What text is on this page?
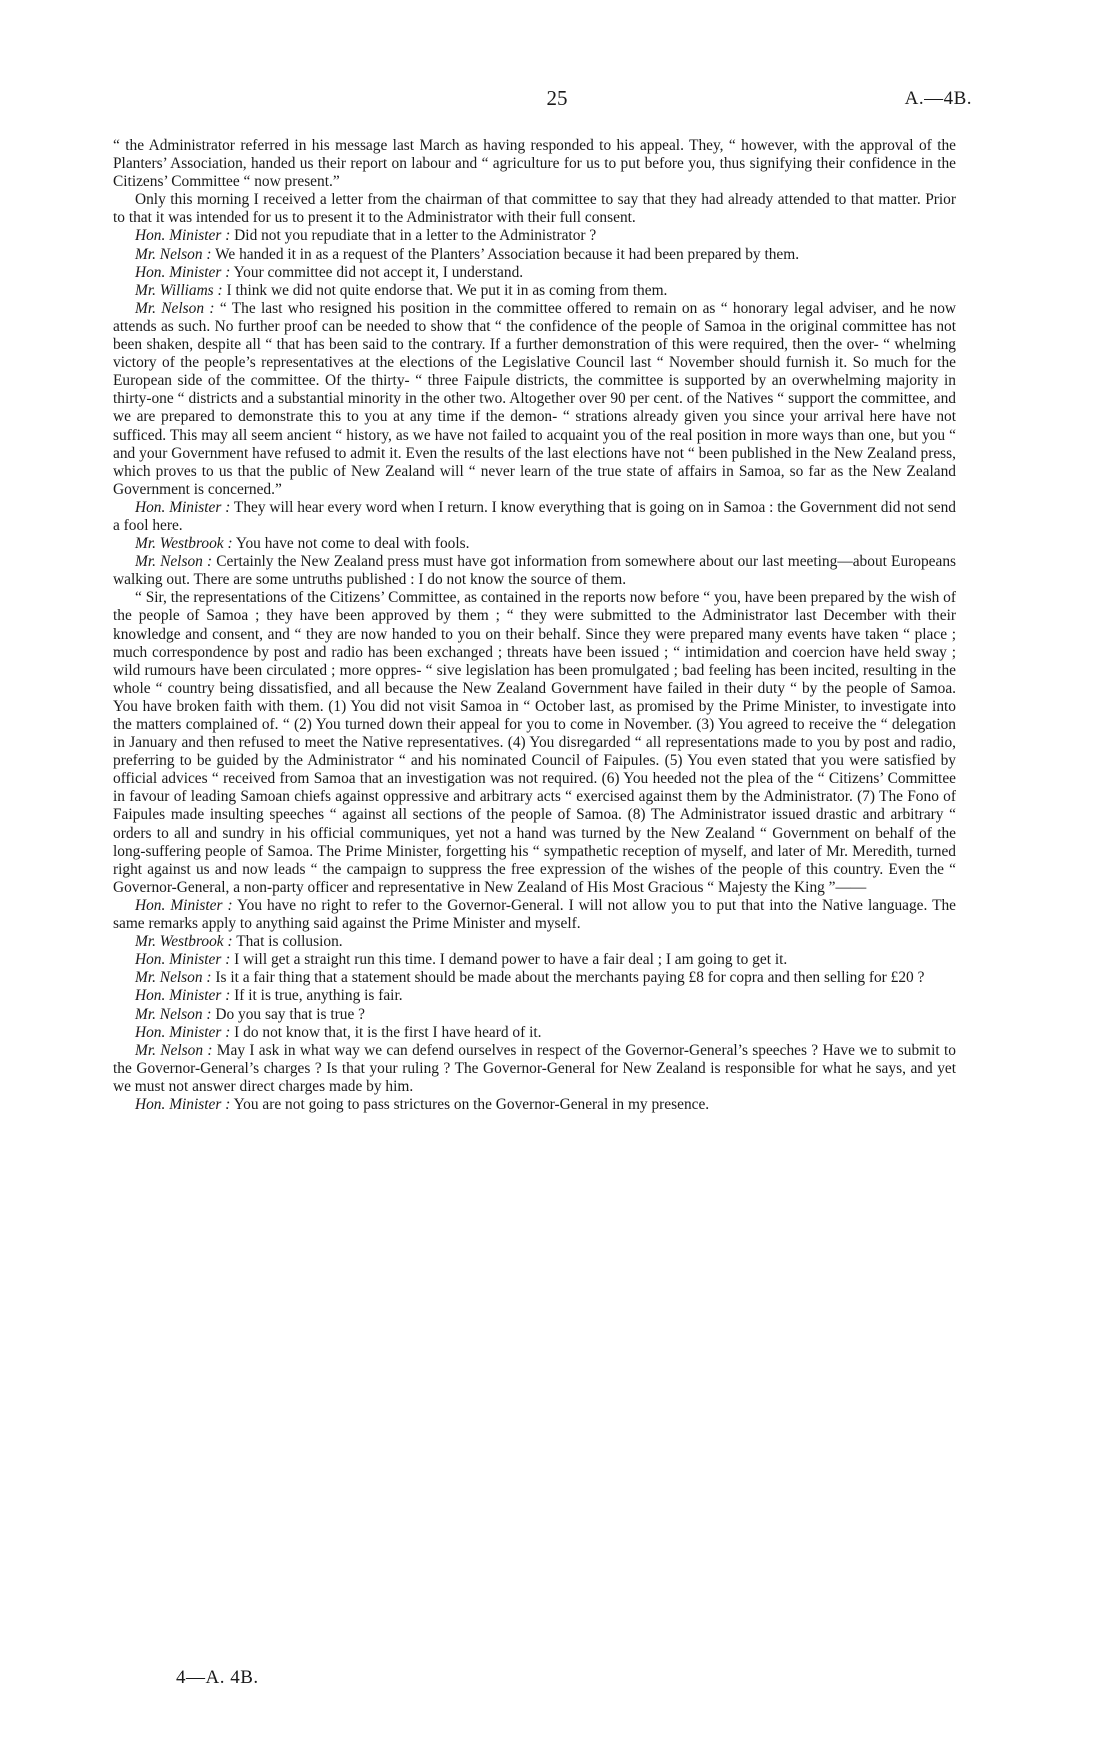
25	A.—4B.

“ the Administrator referred in his message last March as having responded to his appeal. They, “ however, with the approval of the Planters’ Association, handed us their report on labour and “ agriculture for us to put before you, thus signifying their confidence in the Citizens’ Committee “ now present.”

Only this morning I received a letter from the chairman of that committee to say that they had already attended to that matter. Prior to that it was intended for us to present it to the Administrator with their full consent.

Hon. Minister : Did not you repudiate that in a letter to the Administrator ?

Mr. Nelson : We handed it in as a request of the Planters’ Association because it had been prepared by them.

Hon. Minister : Your committee did not accept it, I understand.

Mr. Williams : I think we did not quite endorse that. We put it in as coming from them.

Mr. Nelson : “ The last who resigned his position in the committee offered to remain on as “ honorary legal adviser, and he now attends as such. No further proof can be needed to show that “ the confidence of the people of Samoa in the original committee has not been shaken, despite all “ that has been said to the contrary. If a further demonstration of this were required, then the over- “ whelming victory of the people’s representatives at the elections of the Legislative Council last “ November should furnish it. So much for the European side of the committee. Of the thirty- “ three Faipule districts, the committee is supported by an overwhelming majority in thirty-one “ districts and a substantial minority in the other two. Altogether over 90 per cent. of the Natives “ support the committee, and we are prepared to demonstrate this to you at any time if the demon- “ strations already given you since your arrival here have not sufficed. This may all seem ancient “ history, as we have not failed to acquaint you of the real position in more ways than one, but you “ and your Government have refused to admit it. Even the results of the last elections have not “ been published in the New Zealand press, which proves to us that the public of New Zealand will “ never learn of the true state of affairs in Samoa, so far as the New Zealand Government is concerned.”

Hon. Minister : They will hear every word when I return. I know everything that is going on in Samoa : the Government did not send a fool here.

Mr. Westbrook : You have not come to deal with fools.

Mr. Nelson : Certainly the New Zealand press must have got information from somewhere about our last meeting—about Europeans walking out. There are some untruths published : I do not know the source of them.

“ Sir, the representations of the Citizens’ Committee, as contained in the reports now before “ you, have been prepared by the wish of the people of Samoa ; they have been approved by them ; “ they were submitted to the Administrator last December with their knowledge and consent, and “ they are now handed to you on their behalf. Since they were prepared many events have taken “ place ; much correspondence by post and radio has been exchanged ; threats have been issued ; “ intimidation and coercion have held sway ; wild rumours have been circulated ; more oppres- “ sive legislation has been promulgated ; bad feeling has been incited, resulting in the whole “ country being dissatisfied, and all because the New Zealand Government have failed in their duty “ by the people of Samoa. You have broken faith with them. (1) You did not visit Samoa in “ October last, as promised by the Prime Minister, to investigate into the matters complained of. “ (2) You turned down their appeal for you to come in November. (3) You agreed to receive the “ delegation in January and then refused to meet the Native representatives. (4) You disregarded “ all representations made to you by post and radio, preferring to be guided by the Administrator “ and his nominated Council of Faipules. (5) You even stated that you were satisfied by official advices “ received from Samoa that an investigation was not required. (6) You heeded not the plea of the “ Citizens’ Committee in favour of leading Samoan chiefs against oppressive and arbitrary acts “ exercised against them by the Administrator. (7) The Fono of Faipules made insulting speeches “ against all sections of the people of Samoa. (8) The Administrator issued drastic and arbitrary “ orders to all and sundry in his official communiques, yet not a hand was turned by the New Zealand “ Government on behalf of the long-suffering people of Samoa. The Prime Minister, forgetting his “ sympathetic reception of myself, and later of Mr. Meredith, turned right against us and now leads “ the campaign to suppress the free expression of the wishes of the people of this country. Even the “ Governor-General, a non-party officer and representative in New Zealand of His Most Gracious “ Majesty the King ”——

Hon. Minister : You have no right to refer to the Governor-General. I will not allow you to put that into the Native language. The same remarks apply to anything said against the Prime Minister and myself.

Mr. Westbrook : That is collusion.

Hon. Minister : I will get a straight run this time. I demand power to have a fair deal ; I am going to get it.

Mr. Nelson : Is it a fair thing that a statement should be made about the merchants paying £8 for copra and then selling for £20 ?

Hon. Minister : If it is true, anything is fair.

Mr. Nelson : Do you say that is true ?

Hon. Minister : I do not know that, it is the first I have heard of it.

Mr. Nelson : May I ask in what way we can defend ourselves in respect of the Governor-General’s speeches ? Have we to submit to the Governor-General’s charges ? Is that your ruling ? The Governor-General for New Zealand is responsible for what he says, and yet we must not answer direct charges made by him.

Hon. Minister : You are not going to pass strictures on the Governor-General in my presence.

4—A. 4B.
